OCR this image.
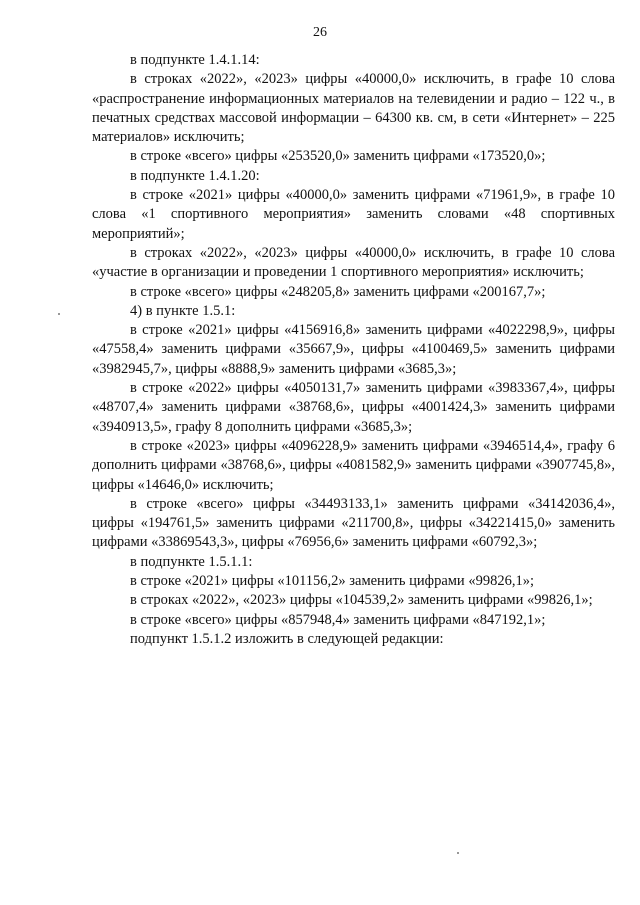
26

в подпункте 1.4.1.14:

в строках «2022», «2023» цифры «40000,0» исключить, в графе 10 слова «распространение информационных материалов на телевидении и радио – 122 ч., в печатных средствах массовой информации – 64300 кв. см, в сети «Интернет» – 225 материалов» исключить;

в строке «всего» цифры «253520,0» заменить цифрами «173520,0»;

в подпункте 1.4.1.20:

в строке «2021» цифры «40000,0» заменить цифрами «71961,9», в графе 10 слова «1 спортивного мероприятия» заменить словами «48 спортивных мероприятий»;

в строках «2022», «2023» цифры «40000,0» исключить, в графе 10 слова «участие в организации и проведении 1 спортивного мероприятия» исключить;

в строке «всего» цифры «248205,8» заменить цифрами «200167,7»;

4) в пункте 1.5.1:

в строке «2021» цифры «4156916,8» заменить цифрами «4022298,9», цифры «47558,4» заменить цифрами «35667,9», цифры «4100469,5» заменить цифрами «3982945,7», цифры «8888,9» заменить цифрами «3685,3»;

в строке «2022» цифры «4050131,7» заменить цифрами «3983367,4», цифры «48707,4» заменить цифрами «38768,6», цифры «4001424,3» заменить цифрами «3940913,5», графу 8 дополнить цифрами «3685,3»;

в строке «2023» цифры «4096228,9» заменить цифрами «3946514,4», графу 6 дополнить цифрами «38768,6», цифры «4081582,9» заменить цифрами «3907745,8», цифры «14646,0» исключить;

в строке «всего» цифры «34493133,1» заменить цифрами «34142036,4», цифры «194761,5» заменить цифрами «211700,8», цифры «34221415,0» заменить цифрами «33869543,3», цифры «76956,6» заменить цифрами «60792,3»;

в подпункте 1.5.1.1:

в строке «2021» цифры «101156,2» заменить цифрами «99826,1»;

в строках «2022», «2023» цифры «104539,2» заменить цифрами «99826,1»;

в строке «всего» цифры «857948,4» заменить цифрами «847192,1»;

подпункт 1.5.1.2 изложить в следующей редакции:
